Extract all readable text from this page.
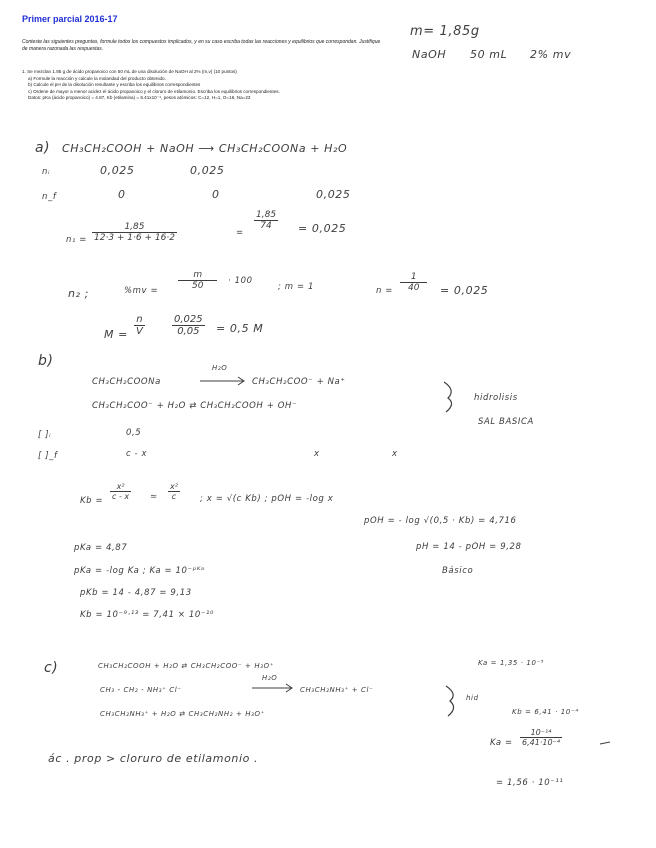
Primer parcial 2016-17
Conteste las siguientes preguntas, formule todos los compuestos implicados, y en su caso escriba todas las reacciones y equilibrios que correspondan. Justifique de manera razonada las respuestas.
1. Se mezclan 1.85 g de ácido propanoico con 50 mL de una disolución de NaOH al 2% (m,v) (10 puntos)
a) Formule la reacción y calcule la molaridad del producto obtenido.
b) Calcule el pH de la disolución resultante y escriba los equilibrios correspondientes
c) Ordene de mayor a menor acidez el ácido propanoico y el cloruro de etilamonio. Escriba los equilibrios correspondientes.
Datos: pKa (ácido propanoico) = 4.87, Kb (etilamina) = 6.41x10⁻⁴, pesos atómicos: C=12, H=1, O=16, Na=23
m= 1,85g
NaOH 50 mL 2% mv
a) CH₃CH₂COOH + NaOH ⟶ CH₃CH₂COONa + H₂O
nᵢ	0,025	0,025
n_f	0	0	0,025
$n_1 = \frac{1,85}{12\cdot 3 + 1\cdot 6 + 16\cdot 2}$	=
$\frac{1,85}{74} = 0,025$
n₂ ;	$\%mv = \frac{m}{50} \cdot 100$
; m = 1	$n = \frac{1}{40} = 0,025$
$M = \frac{n}{V}$	$\frac{0,025}{0,05} = 0,5$ M
b)
CH₃CH₂COONa
H₂O
CH₃CH₂COO⁻ + Na⁺
CH₃CH₂COO⁻ + H₂O ⇄ CH₃CH₂COOH + OH⁻
hidrolisis
SAL BASICA
[ ]ᵢ	0,5
[ ]_f	c - x	x	x
$Kb = \frac{\text{x²}}{c - x}$ ≃ $\frac{\text{x²}}{c}$ ; x = √(c Kb) ; pOH = -log x
pOH = - log √(0,5 · Kb) = 4,716
pH = 14 - pOH = 9,28
Básico
pKa = 4,87
pKa = -log Ka ; Ka = 10⁻ᵖᴷᵃ
pKb = 14 - 4,87 = 9,13
Kb = 10⁻⁹·¹³ = 7,41 × 10⁻¹⁰
c)	CH₃CH₂COOH + H₂O ⇄ CH₃CH₂COO⁻ + H₃O⁺	Ka = 1,35 · 10⁻⁵
CH₃ - CH₂ - NH₃⁺ Cl⁻
H₂O
CH₃CH₂NH₃⁺ + Cl⁻
hid
CH₃CH₂NH₃⁺ + H₂O ⇄ CH₃CH₂NH₂ + H₃O⁺	Kb = 6,41 · 10⁻⁴
$Ka = \frac{\text{10⁻¹⁴}}{\text{6,41·10⁻⁴}}$
= 1,56 · 10⁻¹¹
ác . prop > cloruro de etilamonio .
